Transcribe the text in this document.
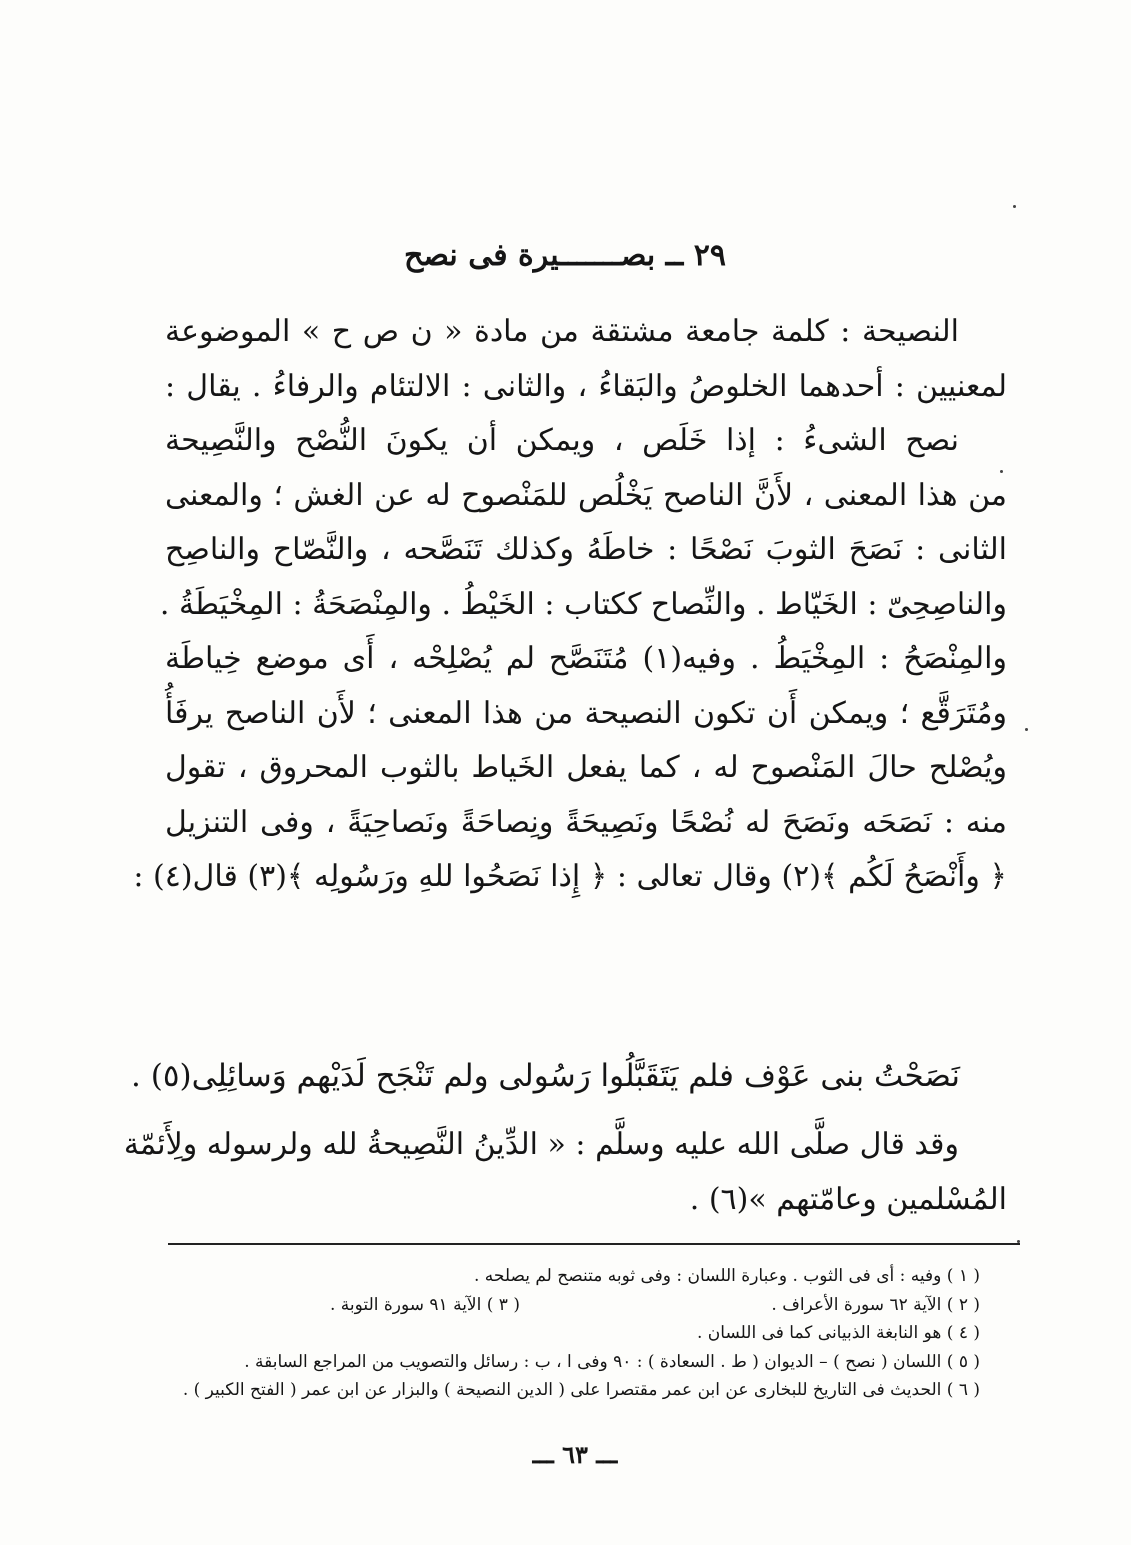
٢٩ ــ بصـــــــيرة فى نصح
النصيحة : كلمة جامعة مشتقة من مادة « ن ص ح » الموضوعة
لمعنيين : أحدهما الخلوصُ والبَقاءُ ، والثانى : الالتئام والرفاءُ . يقال :
نصح الشىءُ : إذا خَلَص ، ويمكن أن يكونَ النُّصْح والنَّصِيحة
من هذا المعنى ، لأَنَّ الناصح يَخْلُص للمَنْصوح له عن الغش ؛ والمعنى
الثانى : نَصَحَ الثوبَ نَصْحًا : خاطَهُ وكذلك تَنَصَّحه ، والنَّصّاح والناصِح
والناصِحِىّ : الخَيّاط . والنِّصاح ككتاب : الخَيْطُ . والمِنْصَحَةُ : المِخْيَطَةُ .
والمِنْصَحُ : المِخْيَطُ . وفيه(١) مُتَنَصَّح لم يُصْلِحْه ، أَى موضع خِياطَة
ومُتَرَقَّع ؛ ويمكن أَن تكون النصيحة من هذا المعنى ؛ لأَن الناصح يرفَأُ
ويُصْلح حالَ المَنْصوح له ، كما يفعل الخَياط بالثوب المحروق ، تقول
منه : نَصَحَه ونَصَحَ له نُصْحًا ونَصِيحَةً ونِصاحَةً ونَصاحِيَةً ، وفى التنزيل
﴿ وأَنْصَحُ لَكُم ﴾(٢) وقال تعالى : ﴿ إِذا نَصَحُوا للهِ ورَسُولِه ﴾(٣) قال(٤) :
نَصَحْتُ بنى عَوْف فلم يَتَقَبَّلُوا رَسُولى ولم تَنْجَح لَدَيْهم وَسائِلِى(٥) .
وقد قال صلَّى الله عليه وسلَّم : « الدِّينُ النَّصِيحةُ لله ولرسوله ولِأَئمّة
المُسْلمين وعامّتهم »(٦) .
( ١ ) وفيه : أى فى الثوب . وعبارة اللسان : وفى ثوبه متنصح لم يصلحه .
( ٢ ) الآية ٦٢ سورة الأعراف .
( ٣ ) الآية ٩١ سورة التوبة .
( ٤ ) هو النابغة الذبيانى كما فى اللسان .
( ٥ ) اللسان ( نصح ) – الديوان ( ط . السعادة ) : ٩٠ وفى ا ، ب : رسائل والتصويب من المراجع السابقة .
( ٦ ) الحديث فى التاريخ للبخارى عن ابن عمر مقتصرا على ( الدين النصيحة ) والبزار عن ابن عمر ( الفتح الكبير ) .
ـــ ٦٣ ـــ
